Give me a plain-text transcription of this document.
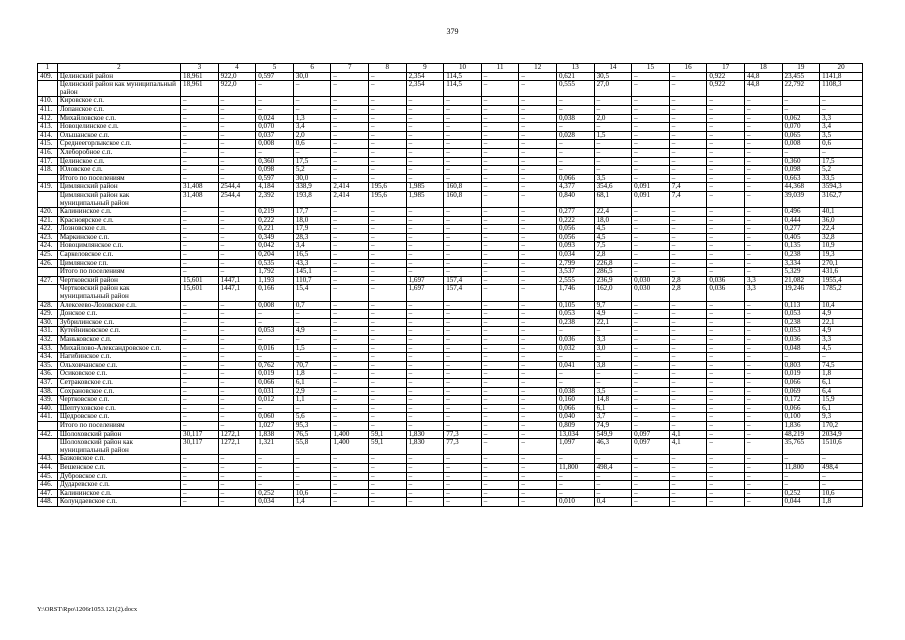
379
1	2	3	4	5	6	7	8	9	10	11	12	13	14	15	16	17	18	19	20
409.	Целинский район	18,961	922,0	0,597	30,0	–	–	2,354	114,5	–	–	0,621	30,5	–	–	0,922	44,8	23,455	1141,8
	Целинский район как муниципальный район	18,961	922,0	–	–	–	–	2,354	114,5	–	–	0,555	27,0	–	–	0,922	44,8	22,792	1108,3
410.	Кировское с.п.	–	–	–	–	–	–	–	–	–	–	–	–	–	–	–	–	–	–
411.	Лопанское с.п.	–	–	–	–	–	–	–	–	–	–	–	–	–	–	–	–	–	–
412.	Михайловское с.п.	–	–	0,024	1,3	–	–	–	–	–	–	0,038	2,0	–	–	–	–	0,062	3,3
413.	Новоцелинское с.п.	–	–	0,070	3,4	–	–	–	–	–	–	–	–	–	–	–	–	0,070	3,4
414.	Ольшанское с.п.	–	–	0,037	2,0	–	–	–	–	–	–	0,028	1,5	–	–	–	–	0,065	3,5
415.	Среднеегорлыкское с.п.	–	–	0,008	0,6	–	–	–	–	–	–	–	–	–	–	–	–	0,008	0,6
416.	Хлеборобное с.п.	–	–	–	–	–	–	–	–	–	–	–	–	–	–	–	–	–	–
417.	Целинское с.п.	–	–	0,360	17,5	–	–	–	–	–	–	–	–	–	–	–	–	0,360	17,5
418.	Юловское с.п.	–	–	0,098	5,2	–	–	–	–	–	–	–	–	–	–	–	–	0,098	5,2
	Итого по поселениям	–	–	0,597	30,0	–	–	–	–	–	–	0,066	3,5	–	–	–	–	0,663	33,5
419.	Цимлянский район	31,408	2544,4	4,184	338,9	2,414	195,6	1,985	160,8	–	–	4,377	354,6	0,091	7,4	–	–	44,368	3594,3
	Цимлянский район как муниципальный район	31,408	2544,4	2,392	193,8	2,414	195,6	1,985	160,8	–	–	0,840	68,1	0,091	7,4	–	–	39,039	3162,7
420.	Калининское с.п.	–	–	0,219	17,7	–	–	–	–	–	–	0,277	22,4	–	–	–	–	0,496	40,1
421.	Красноярское с.п.	–	–	0,222	18,0	–	–	–	–	–	–	0,222	18,0	–	–	–	–	0,444	36,0
422.	Лозновское с.п.	–	–	0,221	17,9	–	–	–	–	–	–	0,056	4,5	–	–	–	–	0,277	22,4
423.	Маркинское с.п.	–	–	0,349	28,3	–	–	–	–	–	–	0,056	4,5	–	–	–	–	0,405	32,8
424.	Новоцимлянское с.п.	–	–	0,042	3,4	–	–	–	–	–	–	0,093	7,5	–	–	–	–	0,135	10,9
425.	Саркеловское с.п.	–	–	0,204	16,5	–	–	–	–	–	–	0,034	2,8	–	–	–	–	0,238	19,3
426.	Цимлянское г.п.	–	–	0,535	43,3	–	–	–	–	–	–	2,799	226,8	–	–	–	–	3,334	270,1
	Итого по поселениям	–	–	1,792	145,1	–	–	–	–	–	–	3,537	286,5	–	–	–	–	5,329	431,6
427.	Чертковский район	15,601	1447,1	1,193	110,7	–	–	1,697	157,4	–	–	2,555	236,9	0,030	2,8	0,036	3,3	21,082	1955,4
	Чертковский район как муниципальный район	15,601	1447,1	0,166	15,4	–	–	1,697	157,4	–	–	1,746	162,0	0,030	2,8	0,036	3,3	19,246	1785,2
428.	Алексеево-Лозовское с.п.	–	–	0,008	0,7	–	–	–	–	–	–	0,105	9,7	–	–	–	–	0,113	10,4
429.	Донское с.п.	–	–	–	–	–	–	–	–	–	–	0,053	4,9	–	–	–	–	0,053	4,9
430.	Зубрилинское с.п.	–	–	–	–	–	–	–	–	–	–	0,238	22,1	–	–	–	–	0,238	22,1
431.	Кутейниковское с.п.	–	–	0,053	4,9	–	–	–	–	–	–	–	–	–	–	–	–	0,053	4,9
432.	Маньковское с.п.	–	–	–	–	–	–	–	–	–	–	0,036	3,3	–	–	–	–	0,036	3,3
433.	Михайлово-Александровское с.п.	–	–	0,016	1,5	–	–	–	–	–	–	0,032	3,0	–	–	–	–	0,048	4,5
434.	Нагибинское с.п.	–	–	–	–	–	–	–	–	–	–	–	–	–	–	–	–	–	–
435.	Ольховчанское с.п.	–	–	0,762	70,7	–	–	–	–	–	–	0,041	3,8	–	–	–	–	0,803	74,5
436.	Осиковское с.п.	–	–	0,019	1,8	–	–	–	–	–	–	–	–	–	–	–	–	0,019	1,8
437.	Сетраковское с.п.	–	–	0,066	6,1	–	–	–	–	–	–	–	–	–	–	–	–	0,066	6,1
438.	Сохрановское с.п.	–	–	0,031	2,9	–	–	–	–	–	–	0,038	3,5	–	–	–	–	0,069	6,4
439.	Чертковское с.п.	–	–	0,012	1,1	–	–	–	–	–	–	0,160	14,8	–	–	–	–	0,172	15,9
440.	Шептуховское с.п.	–	–	–	–	–	–	–	–	–	–	0,066	6,1	–	–	–	–	0,066	6,1
441.	Щедровское с.п.	–	–	0,060	5,6	–	–	–	–	–	–	0,040	3,7	–	–	–	–	0,100	9,3
	Итого по поселениям	–	–	1,027	95,3	–	–	–	–	–	–	0,809	74,9	–	–	–	–	1,836	170,2
442.	Шолоховский район	30,117	1272,1	1,838	76,5	1,400	59,1	1,830	77,3	–	–	13,034	549,9	0,097	4,1	–	–	48,219	2034,9
	Шолоховский район как муниципальный район	30,117	1272,1	1,321	55,8	1,400	59,1	1,830	77,3	–	–	1,097	46,3	0,097	4,1	–	–	35,765	1510,6
443.	Базковское с.п.	–	–	–	–	–	–	–	–	–	–	–	–	–	–	–	–	–	–
444.	Вешенское с.п.	–	–	–	–	–	–	–	–	–	–	11,800	498,4	–	–	–	–	11,800	498,4
445.	Дубровское с.п.	–	–	–	–	–	–	–	–	–	–	–	–	–	–	–	–	–	–
446.	Дударевское с.п.	–	–	–	–	–	–	–	–	–	–	–	–	–	–	–	–	–	–
447.	Калининское с.п.	–	–	0,252	10,6	–	–	–	–	–	–	–	–	–	–	–	–	0,252	10,6
448.	Колундаевское с.п.	–	–	0,034	1,4	–	–	–	–	–	–	0,010	0,4	–	–	–	–	0,044	1,8
Y:\ORST\Rpo\1206r1053.121(2).docx
